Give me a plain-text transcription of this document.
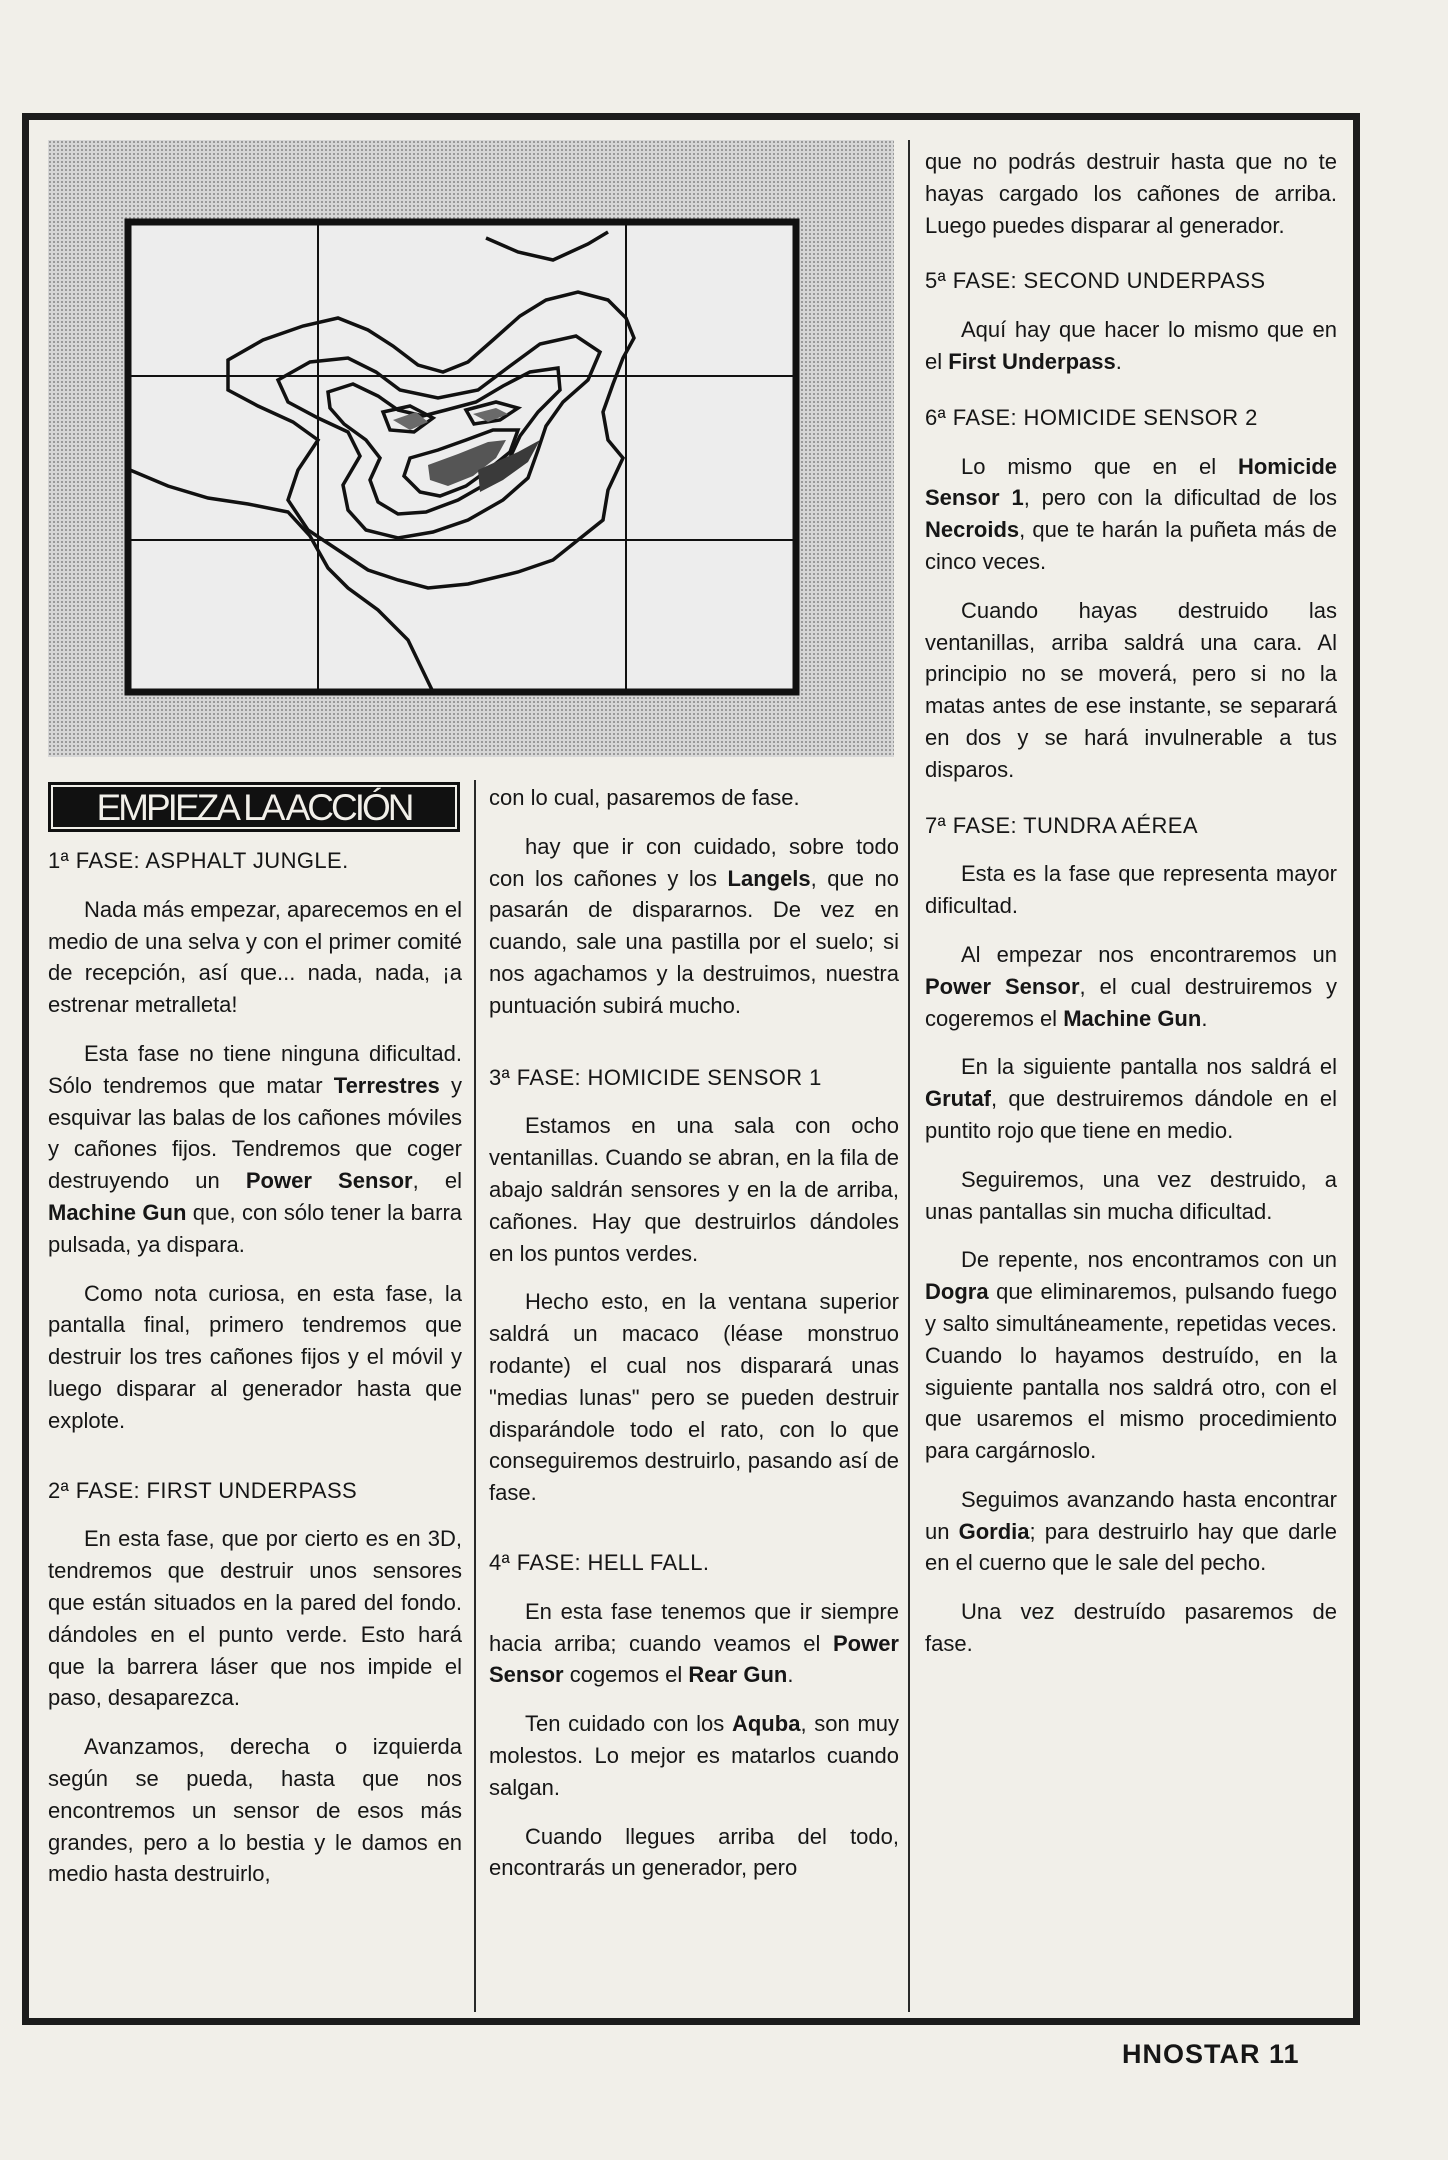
EMPIEZA LA ACCIÓN
1ª FASE: ASPHALT JUNGLE.

Nada más empezar, aparecemos en el medio de una selva y con el primer comité de recepción, así que... nada, nada, ¡a estrenar metralleta!

Esta fase no tiene ninguna dificultad. Sólo tendremos que matar Terrestres y esquivar las balas de los cañones móviles y cañones fijos. Tendremos que coger destruyendo un Power Sensor, el Machine Gun que, con sólo tener la barra pulsada, ya dispara.

Como nota curiosa, en esta fase, la pantalla final, primero tendremos que destruir los tres cañones fijos y el móvil y luego disparar al generador hasta que explote.

2ª FASE: FIRST UNDERPASS

En esta fase, que por cierto es en 3D, tendremos que destruir unos sensores que están situados en la pared del fondo. dándoles en el punto verde. Esto hará que la barrera láser que nos impide el paso, desaparezca.

Avanzamos, derecha o izquierda según se pueda, hasta que nos encontremos un sensor de esos más grandes, pero a lo bestia y le damos en medio hasta destruirlo,

con lo cual, pasaremos de fase.

hay que ir con cuidado, sobre todo con los cañones y los Langels, que no pasarán de dispararnos. De vez en cuando, sale una pastilla por el suelo; si nos agachamos y la destruimos, nuestra puntuación subirá mucho.

3ª FASE: HOMICIDE SENSOR 1

Estamos en una sala con ocho ventanillas. Cuando se abran, en la fila de abajo saldrán sensores y en la de arriba, cañones. Hay que destruirlos dándoles en los puntos verdes.

Hecho esto, en la ventana superior saldrá un macaco (léase monstruo rodante) el cual nos disparará unas "medias lunas" pero se pueden destruir disparándole todo el rato, con lo que conseguiremos destruirlo, pasando así de fase.

4ª FASE: HELL FALL.

En esta fase tenemos que ir siempre hacia arriba; cuando veamos el Power Sensor cogemos el Rear Gun.

Ten cuidado con los Aquba, son muy molestos. Lo mejor es matarlos cuando salgan.

Cuando llegues arriba del todo, encontrarás un generador, pero

que no podrás destruir hasta que no te hayas cargado los cañones de arriba. Luego puedes disparar al generador.

5ª FASE: SECOND UNDERPASS

Aquí hay que hacer lo mismo que en el First Underpass.

6ª FASE: HOMICIDE SENSOR 2

Lo mismo que en el Homicide Sensor 1, pero con la dificultad de los Necroids, que te harán la puñeta más de cinco veces.

Cuando hayas destruido las ventanillas, arriba saldrá una cara. Al principio no se moverá, pero si no la matas antes de ese instante, se separará en dos y se hará invulnerable a tus disparos.

7ª FASE: TUNDRA AÉREA

Esta es la fase que representa mayor dificultad.

Al empezar nos encontraremos un Power Sensor, el cual destruiremos y cogeremos el Machine Gun.

En la siguiente pantalla nos saldrá el Grutaf, que destruiremos dándole en el puntito rojo que tiene en medio.

Seguiremos, una vez destruido, a unas pantallas sin mucha dificultad.

De repente, nos encontramos con un Dogra que eliminaremos, pulsando fuego y salto simultáneamente, repetidas veces. Cuando lo hayamos destruído, en la siguiente pantalla nos saldrá otro, con el que usaremos el mismo procedimiento para cargárnoslo.

Seguimos avanzando hasta encontrar un Gordia; para destruirlo hay que darle en el cuerno que le sale del pecho.

Una vez destruído pasaremos de fase.

HNOSTAR 11
